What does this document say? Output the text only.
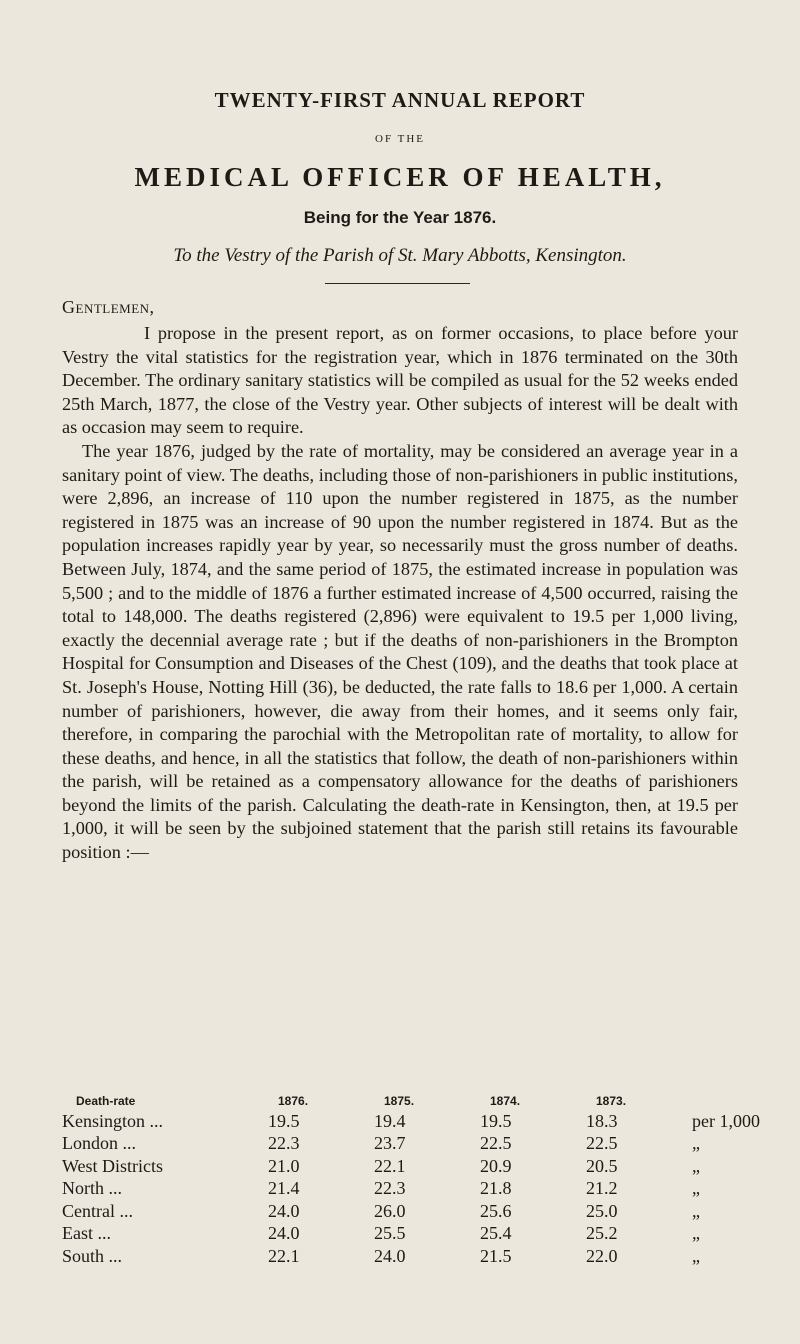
TWENTY-FIRST ANNUAL REPORT
OF THE
MEDICAL OFFICER OF HEALTH,
Being for the Year 1876.
To the Vestry of the Parish of St. Mary Abbotts, Kensington.
Gentlemen,

I propose in the present report, as on former occasions, to place before your Vestry the vital statistics for the registration year, which in 1876 terminated on the 30th December. The ordinary sanitary statistics will be compiled as usual for the 52 weeks ended 25th March, 1877, the close of the Vestry year. Other subjects of interest will be dealt with as occasion may seem to require.

The year 1876, judged by the rate of mortality, may be considered an average year in a sanitary point of view. The deaths, including those of non-parishioners in public institutions, were 2,896, an increase of 110 upon the number registered in 1875, as the number registered in 1875 was an increase of 90 upon the number registered in 1874. But as the population increases rapidly year by year, so necessarily must the gross number of deaths. Between July, 1874, and the same period of 1875, the estimated increase in population was 5,500 ; and to the middle of 1876 a further estimated increase of 4,500 occurred, raising the total to 148,000. The deaths registered (2,896) were equivalent to 19.5 per 1,000 living, exactly the decennial average rate ; but if the deaths of non-parishioners in the Brompton Hospital for Consumption and Diseases of the Chest (109), and the deaths that took place at St. Joseph's House, Notting Hill (36), be deducted, the rate falls to 18.6 per 1,000. A certain number of parishioners, however, die away from their homes, and it seems only fair, therefore, in comparing the parochial with the Metropolitan rate of mortality, to allow for these deaths, and hence, in all the statistics that follow, the death of non-parishioners within the parish, will be retained as a compensatory allowance for the deaths of parishioners beyond the limits of the parish. Calculating the death-rate in Kensington, then, at 19.5 per 1,000, it will be seen by the subjoined statement that the parish still retains its favourable position :—

Death-rate	1876.	1875.	1874.	1873.	
Kensington ...	19.5	19.4	19.5	18.3	per 1,000
London ...	22.3	23.7	22.5	22.5	„
West Districts	21.0	22.1	20.9	20.5	„
North ...	21.4	22.3	21.8	21.2	„
Central ...	24.0	26.0	25.6	25.0	„
East ...	24.0	25.5	25.4	25.2	„
South ...	22.1	24.0	21.5	22.0	„
